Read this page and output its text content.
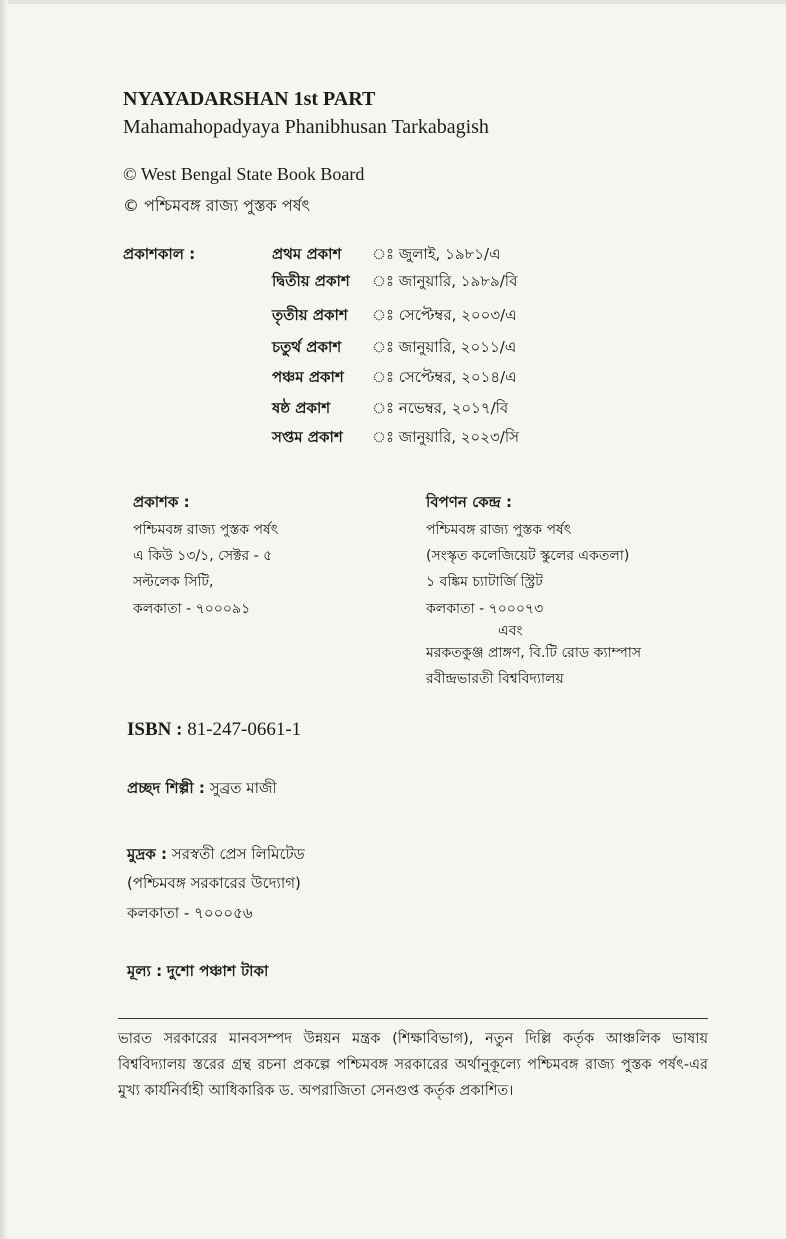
NYAYADARSHAN 1st PART
Mahamahopadyaya Phanibhusan Tarkabagish
© West Bengal State Book Board
© পশ্চিমবঙ্গ রাজ্য পুস্তক পর্ষৎ
প্রকাশকাল :	প্রথম প্রকাশ ঃ জুলাই, ১৯৮১/এ
দ্বিতীয় প্রকাশ ঃ জানুয়ারি, ১৯৮৯/বি
তৃতীয় প্রকাশ ঃ সেপ্টেম্বর, ২০০৩/এ
চতুর্থ প্রকাশ ঃ জানুয়ারি, ২০১১/এ
পঞ্চম প্রকাশ ঃ সেপ্টেম্বর, ২০১৪/এ
ষষ্ঠ প্রকাশ	ঃ নভেম্বর, ২০১৭/বি
সপ্তম প্রকাশ ঃ জানুয়ারি, ২০২৩/সি
প্রকাশক :
পশ্চিমবঙ্গ রাজ্য পুস্তক পর্ষৎ
এ কিউ ১৩/১, সেক্টর - ৫
সল্টলেক সিটি,
কলকাতা - ৭০০০৯১
বিপণন কেন্দ্র :
পশ্চিমবঙ্গ রাজ্য পুস্তক পর্ষৎ
(সংস্কৃত কলেজিয়েট স্কুলের একতলা)
১ বঙ্কিম চ্যাটার্জি স্ট্রিট
কলকাতা - ৭০০০৭৩
এবং
মরকতকুঞ্জ প্রাঙ্গণ, বি.টি রোড ক্যাম্পাস
রবীন্দ্রভারতী বিশ্ববিদ্যালয়
ISBN : 81-247-0661-1
প্রচ্ছদ শিল্পী : সুব্রত মাজী
মুদ্রক : সরস্বতী প্রেস লিমিটেড
(পশ্চিমবঙ্গ সরকারের উদ্যোগ)
কলকাতা - ৭০০০৫৬
মূল্য : দুশো পঞ্চাশ টাকা
ভারত সরকারের মানবসম্পদ উন্নয়ন মন্ত্রক (শিক্ষাবিভাগ), নতুন দিল্লি কর্তৃক আঞ্চলিক ভাষায় বিশ্ববিদ্যালয় স্তরের গ্রন্থ রচনা প্রকল্পে পশ্চিমবঙ্গ সরকারের অর্থানুকূল্যে পশ্চিমবঙ্গ রাজ্য পুস্তক পর্ষৎ-এর মুখ্য কার্যনির্বাহী আধিকারিক ড. অপরাজিতা সেনগুপ্ত কর্তৃক প্রকাশিত।
